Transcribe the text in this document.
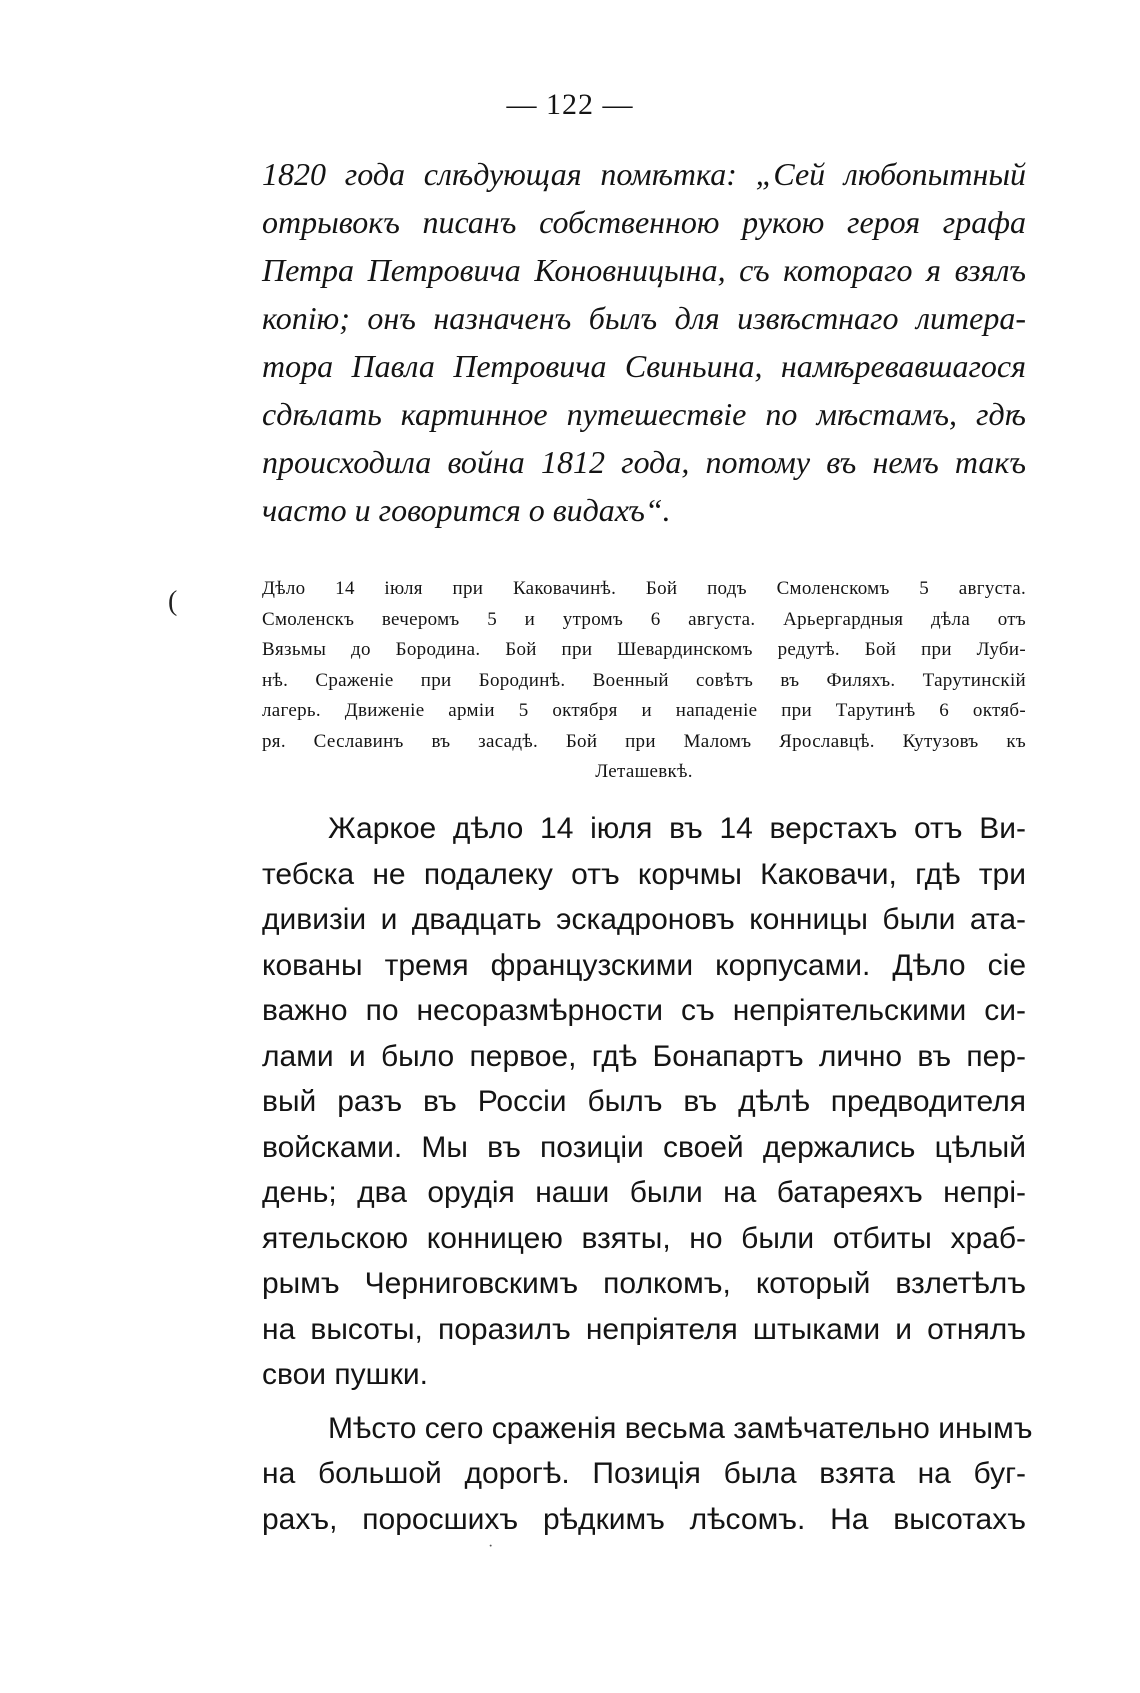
— 122 —
1820 года слѣдующая помѣтка: „Сей любопытный
отрывокъ писанъ собственною рукою героя графа
Петра Петровича Коновницына, съ котораго я взялъ
копію; онъ назначенъ былъ для извѣстнаго литера-
тора Павла Петровича Свиньина, намѣревавшагося
сдѣлать картинное путешествіе по мѣстамъ, гдѣ
происходила война 1812 года, потому въ немъ такъ
часто и говорится о видахъ“.
(	Дѣло 14 іюля при Каковачинѣ. Бой подъ Смоленскомъ 5 августа.
Смоленскъ вечеромъ 5 и утромъ 6 августа. Арьергардныя дѣла отъ
Вязьмы до Бородина. Бой при Шевардинскомъ редутѣ. Бой при Луби-
нѣ. Сраженіе при Бородинѣ. Военный совѣтъ въ Филяхъ. Тарутинскій
лагерь. Движеніе арміи 5 октября и нападеніе при Тарутинѣ 6 октяб-
ря. Сеславинъ въ засадѣ. Бой при Маломъ Ярославцѣ. Кутузовъ къ
Леташевкѣ.
Жаркое дѣло 14 іюля въ 14 верстахъ отъ Ви-
тебска не подалеку отъ корчмы Каковачи, гдѣ три
дивизіи и двадцать эскадроновъ конницы были ата-
кованы тремя французскими корпусами. Дѣло сіе
важно по несоразмѣрности съ непріятельскими си-
лами и было первое, гдѣ Бонапартъ лично въ пер-
вый разъ въ Россіи былъ въ дѣлѣ предводителя
войсками. Мы въ позиціи своей держались цѣлый
день; два орудія наши были на батареяхъ непрі-
ятельскою конницею взяты, но были отбиты храб-
рымъ Черниговскимъ полкомъ, который взлетѣлъ
на высоты, поразилъ непріятеля штыками и отнялъ
свои пушки.
Мѣсто сего сраженія весьма замѣчательно инымъ
на большой дорогѣ. Позиція была взята на буг-
рахъ, поросшихъ рѣдкимъ лѣсомъ. На высотахъ
·
